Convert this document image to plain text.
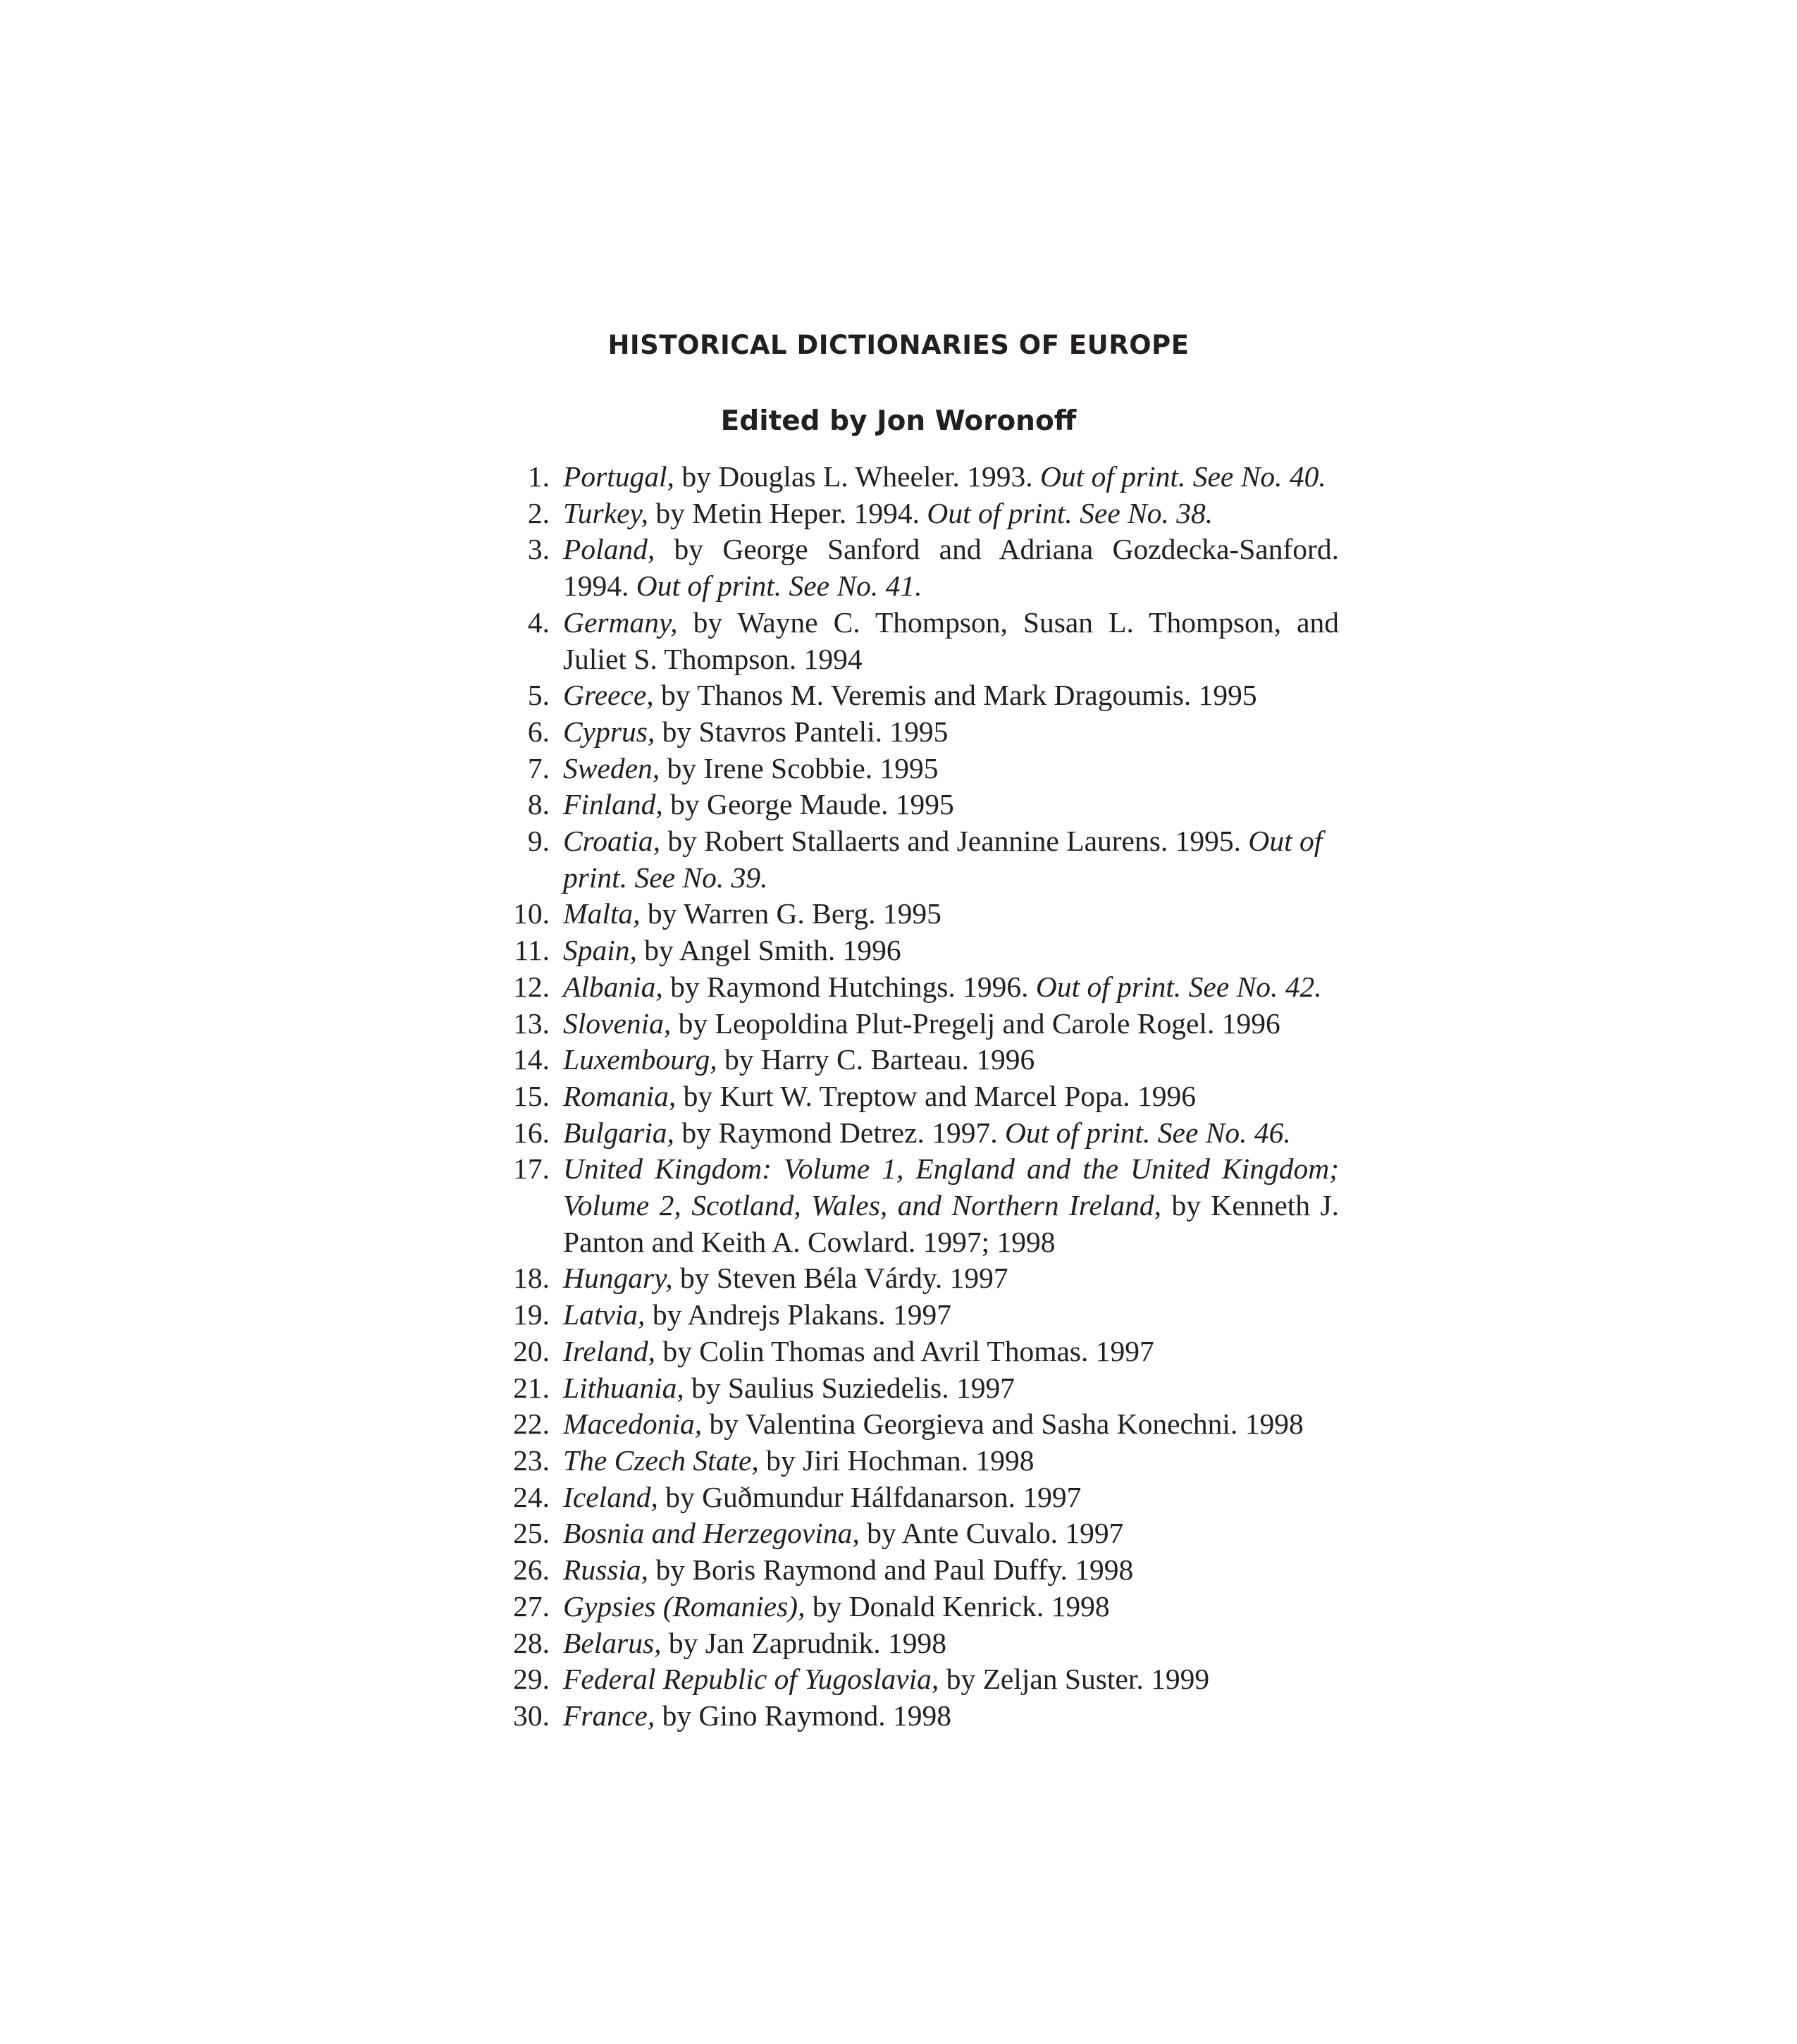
HISTORICAL DICTIONARIES OF EUROPE
Edited by Jon Woronoff
1. Portugal, by Douglas L. Wheeler. 1993. Out of print. See No. 40.
2. Turkey, by Metin Heper. 1994. Out of print. See No. 38.
3. Poland, by George Sanford and Adriana Gozdecka-Sanford. 1994. Out of print. See No. 41.
4. Germany, by Wayne C. Thompson, Susan L. Thompson, and Juliet S. Thompson. 1994
5. Greece, by Thanos M. Veremis and Mark Dragoumis. 1995
6. Cyprus, by Stavros Panteli. 1995
7. Sweden, by Irene Scobbie. 1995
8. Finland, by George Maude. 1995
9. Croatia, by Robert Stallaerts and Jeannine Laurens. 1995. Out of print. See No. 39.
10. Malta, by Warren G. Berg. 1995
11. Spain, by Angel Smith. 1996
12. Albania, by Raymond Hutchings. 1996. Out of print. See No. 42.
13. Slovenia, by Leopoldina Plut-Pregelj and Carole Rogel. 1996
14. Luxembourg, by Harry C. Barteau. 1996
15. Romania, by Kurt W. Treptow and Marcel Popa. 1996
16. Bulgaria, by Raymond Detrez. 1997. Out of print. See No. 46.
17. United Kingdom: Volume 1, England and the United Kingdom; Volume 2, Scotland, Wales, and Northern Ireland, by Kenneth J. Panton and Keith A. Cowlard. 1997; 1998
18. Hungary, by Steven Béla Várdy. 1997
19. Latvia, by Andrejs Plakans. 1997
20. Ireland, by Colin Thomas and Avril Thomas. 1997
21. Lithuania, by Saulius Suziedelis. 1997
22. Macedonia, by Valentina Georgieva and Sasha Konechni. 1998
23. The Czech State, by Jiri Hochman. 1998
24. Iceland, by Guðmundur Hálfdanarson. 1997
25. Bosnia and Herzegovina, by Ante Cuvalo. 1997
26. Russia, by Boris Raymond and Paul Duffy. 1998
27. Gypsies (Romanies), by Donald Kenrick. 1998
28. Belarus, by Jan Zaprudnik. 1998
29. Federal Republic of Yugoslavia, by Zeljan Suster. 1999
30. France, by Gino Raymond. 1998
